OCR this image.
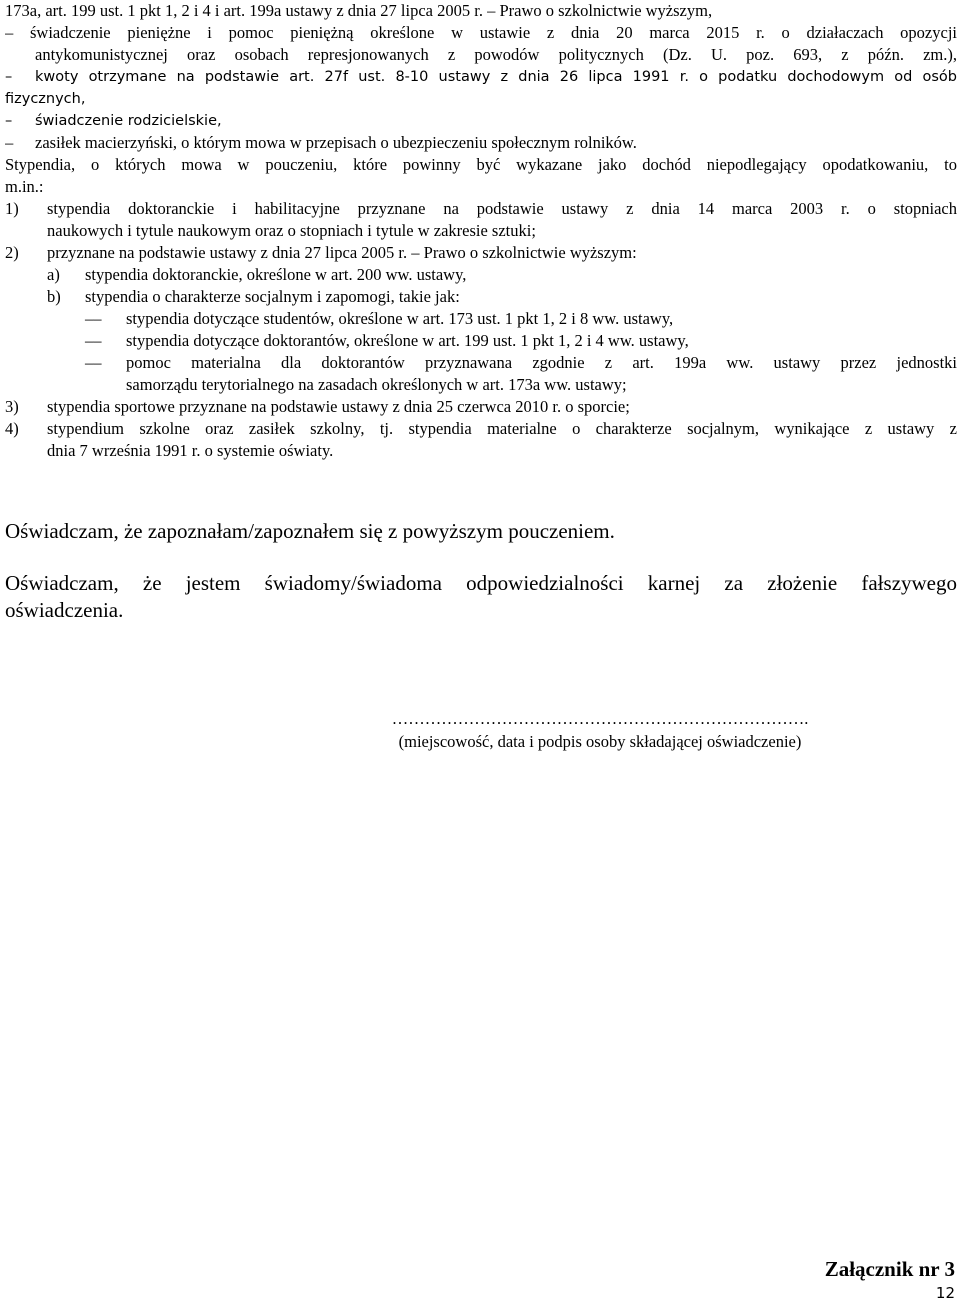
173a, art. 199 ust. 1 pkt 1, 2 i 4 i art. 199a ustawy z dnia 27 lipca 2005 r. – Prawo o szkolnictwie wyższym,
–	świadczenie pieniężne i pomoc pieniężną określone w ustawie z dnia 20 marca 2015 r. o działaczach opozycji
antykomunistycznej oraz osobach represjonowanych z powodów politycznych (Dz. U. poz. 693, z późn. zm.),
–	kwoty otrzymane na podstawie art. 27f ust. 8-10 ustawy z dnia 26 lipca 1991 r. o podatku dochodowym od osób
fizycznych,
–	świadczenie rodzicielskie,
–	zasiłek macierzyński, o którym mowa w przepisach o ubezpieczeniu społecznym rolników.
Stypendia, o których mowa w pouczeniu, które powinny być wykazane jako dochód niepodlegający opodatkowaniu, to
m.in.:
1) stypendia doktoranckie i habilitacyjne przyznane na podstawie ustawy z dnia 14 marca 2003 r. o stopniach
naukowych i tytule naukowym oraz o stopniach i tytule w zakresie sztuki;
2) przyznane na podstawie ustawy z dnia 27 lipca 2005 r. – Prawo o szkolnictwie wyższym:
a) stypendia doktoranckie, określone w art. 200 ww. ustawy,
b) stypendia o charakterze socjalnym i zapomogi, takie jak:
––	stypendia dotyczące studentów, określone w art. 173 ust. 1 pkt 1, 2 i 8 ww. ustawy,
––	stypendia dotyczące doktorantów, określone w art. 199 ust. 1 pkt 1, 2 i 4 ww. ustawy,
––	pomoc materialna dla doktorantów przyznawana zgodnie z art. 199a ww. ustawy przez jednostki
samorządu terytorialnego na zasadach określonych w art. 173a ww. ustawy;
3) stypendia sportowe przyznane na podstawie ustawy z dnia 25 czerwca 2010 r. o sporcie;
4) stypendium szkolne oraz zasiłek szkolny, tj. stypendia materialne o charakterze socjalnym, wynikające z ustawy z
dnia 7 września 1991 r. o systemie oświaty.
Oświadczam, że zapoznałam/zapoznałem się z powyższym pouczeniem.
Oświadczam, że jestem świadomy/świadoma odpowiedzialności karnej za złożenie fałszywego
oświadczenia.
………………………………………………………………….
(miejscowość, data i podpis osoby składającej oświadczenie)
Załącznik nr 3
12
